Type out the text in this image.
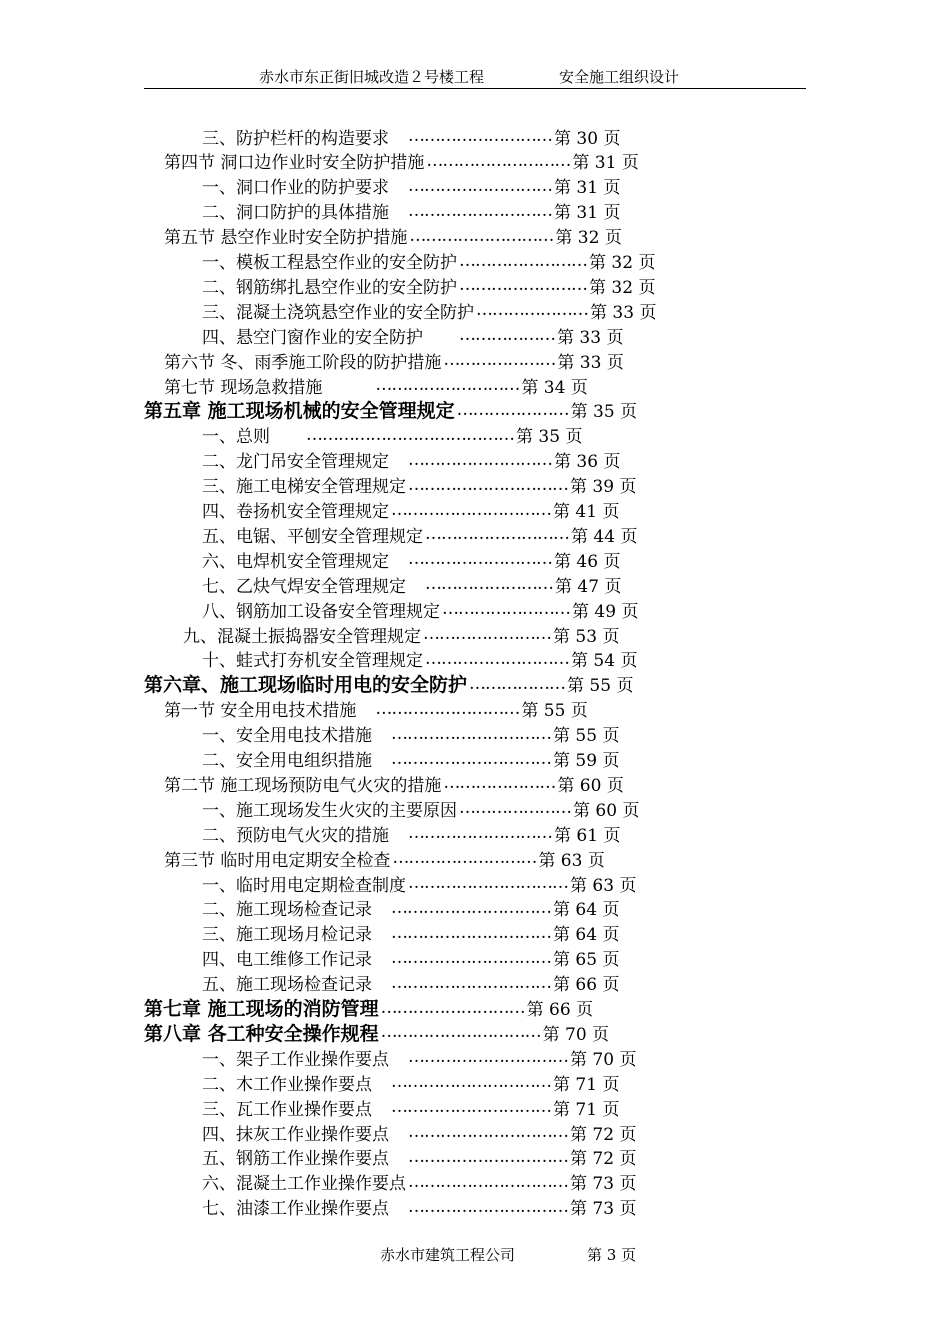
赤水市东正街旧城改造２号楼工程	安全施工组织设计
三、防护栏杆的构造要求　 ……………………… 第 30 页
第四节 洞口边作业时安全防护措施 ……………………… 第 31 页
一、洞口作业的防护要求　 ……………………… 第 31 页
二、洞口防护的具体措施　 ……………………… 第 31 页
第五节 悬空作业时安全防护措施 ……………………… 第 32 页
一、模板工程悬空作业的安全防护 …………………… 第 32 页
二、钢筋绑扎悬空作业的安全防护 …………………… 第 32 页
三、混凝土浇筑悬空作业的安全防护 ………………… 第 33 页
四、悬空门窗作业的安全防护　　 ……………… 第 33 页
第六节 冬、雨季施工阶段的防护措施 ………………… 第 33 页
第七节 现场急救措施　　　 ……………………… 第 34 页
第五章 施工现场机械的安全管理规定 ………………… 第 35 页
一、总则　　 ………………………………… 第 35 页
二、龙门吊安全管理规定　 ……………………… 第 36 页
三、施工电梯安全管理规定 ………………………… 第 39 页
四、卷扬机安全管理规定 ………………………… 第 41 页
五、电锯、平刨安全管理规定 ……………………… 第 44 页
六、电焊机安全管理规定　 ……………………… 第 46 页
七、乙炔气焊安全管理规定　 …………………… 第 47 页
八、钢筋加工设备安全管理规定 …………………… 第 49 页
九、混凝土振捣器安全管理规定 …………………… 第 53 页
十、蛙式打夯机安全管理规定 ……………………… 第 54 页
第六章、施工现场临时用电的安全防护 ……………… 第 55 页
第一节 安全用电技术措施　 ……………………… 第 55 页
一、安全用电技术措施　 ………………………… 第 55 页
二、安全用电组织措施　 ………………………… 第 59 页
第二节 施工现场预防电气火灾的措施 ………………… 第 60 页
一、施工现场发生火灾的主要原因 ………………… 第 60 页
二、预防电气火灾的措施　 ……………………… 第 61 页
第三节 临时用电定期安全检查 ……………………… 第 63 页
一、临时用电定期检查制度 ………………………… 第 63 页
二、施工现场检查记录　 ………………………… 第 64 页
三、施工现场月检记录　 ………………………… 第 64 页
四、电工维修工作记录　 ………………………… 第 65 页
五、施工现场检查记录　 ………………………… 第 66 页
第七章 施工现场的消防管理 ……………………… 第 66 页
第八章 各工种安全操作规程 ………………………… 第 70 页
一、架子工作业操作要点　 ………………………… 第 70 页
二、木工作业操作要点　 ………………………… 第 71 页
三、瓦工作业操作要点　 ………………………… 第 71 页
四、抹灰工作业操作要点　 ………………………… 第 72 页
五、钢筋工作业操作要点　 ………………………… 第 72 页
六、混凝土工作业操作要点 ………………………… 第 73 页
七、油漆工作业操作要点　 ………………………… 第 73 页
赤水市建筑工程公司	第 3 页
